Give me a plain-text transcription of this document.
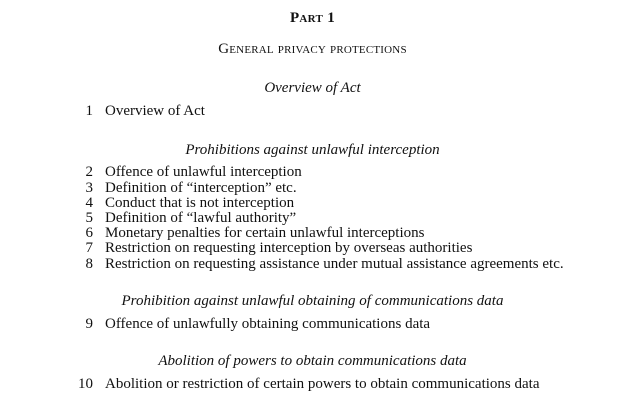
Part 1
General privacy protections
Overview of Act
1 Overview of Act
Prohibitions against unlawful interception
2 Offence of unlawful interception
3 Definition of “interception” etc.
4 Conduct that is not interception
5 Definition of “lawful authority”
6 Monetary penalties for certain unlawful interceptions
7 Restriction on requesting interception by overseas authorities
8 Restriction on requesting assistance under mutual assistance agreements etc.
Prohibition against unlawful obtaining of communications data
9 Offence of unlawfully obtaining communications data
Abolition of powers to obtain communications data
10 Abolition or restriction of certain powers to obtain communications data
